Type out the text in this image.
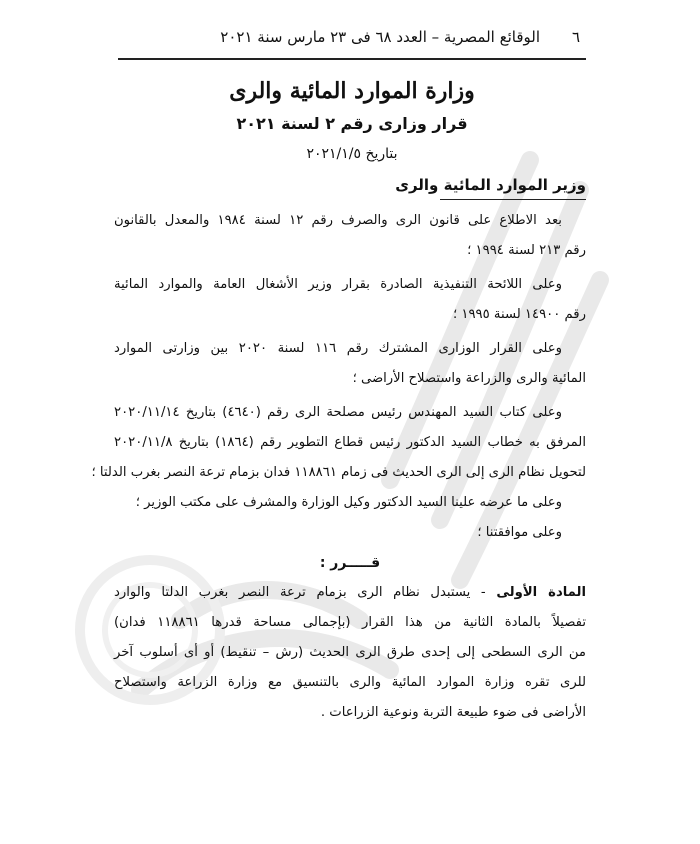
٦
الوقائع المصرية – العدد ٦٨ فى ٢٣ مارس سنة ٢٠٢١
وزارة الموارد المائية والرى
قرار وزارى رقم ٢ لسنة ٢٠٢١
بتاريخ ٢٠٢١/١/٥
وزير الموارد المائية والرى
بعد الاطلاع على قانون الرى والصرف رقم ١٢ لسنة ١٩٨٤ والمعدل بالقانون
رقم ٢١٣ لسنة ١٩٩٤ ؛
وعلى اللائحة التنفيذية الصادرة بقرار وزير الأشغال العامة والموارد المائية
رقم ١٤٩٠٠ لسنة ١٩٩٥ ؛
وعلى القرار الوزارى المشترك رقم ١١٦ لسنة ٢٠٢٠ بين وزارتى الموارد
المائية والرى والزراعة واستصلاح الأراضى ؛
وعلى كتاب السيد المهندس رئيس مصلحة الرى رقم (٤٦٤٠) بتاريخ ٢٠٢٠/١١/١٤
المرفق به خطاب السيد الدكتور رئيس قطاع التطوير رقم (١٨٦٤) بتاريخ ٢٠٢٠/١١/٨
لتحويل نظام الرى إلى الرى الحديث فى زمام ١١٨٨٦١ فدان بزمام ترعة النصر بغرب الدلتا ؛
وعلى ما عرضه علينا السيد الدكتور وكيل الوزارة والمشرف على مكتب الوزير ؛
وعلى موافقتنا ؛
قـــــرر :
المادة الأولى - يستبدل نظام الرى بزمام ترعة النصر بغرب الدلتا والوارد
تفصيلاً بالمادة الثانية من هذا القرار (بإجمالى مساحة قدرها ١١٨٨٦١ فدان)
من الرى السطحى إلى إحدى طرق الرى الحديث (رش – تنقيط) أو أى أسلوب آخر
للرى تقره وزارة الموارد المائية والرى بالتنسيق مع وزارة الزراعة واستصلاح
الأراضى فى ضوء طبيعة التربة ونوعية الزراعات .
